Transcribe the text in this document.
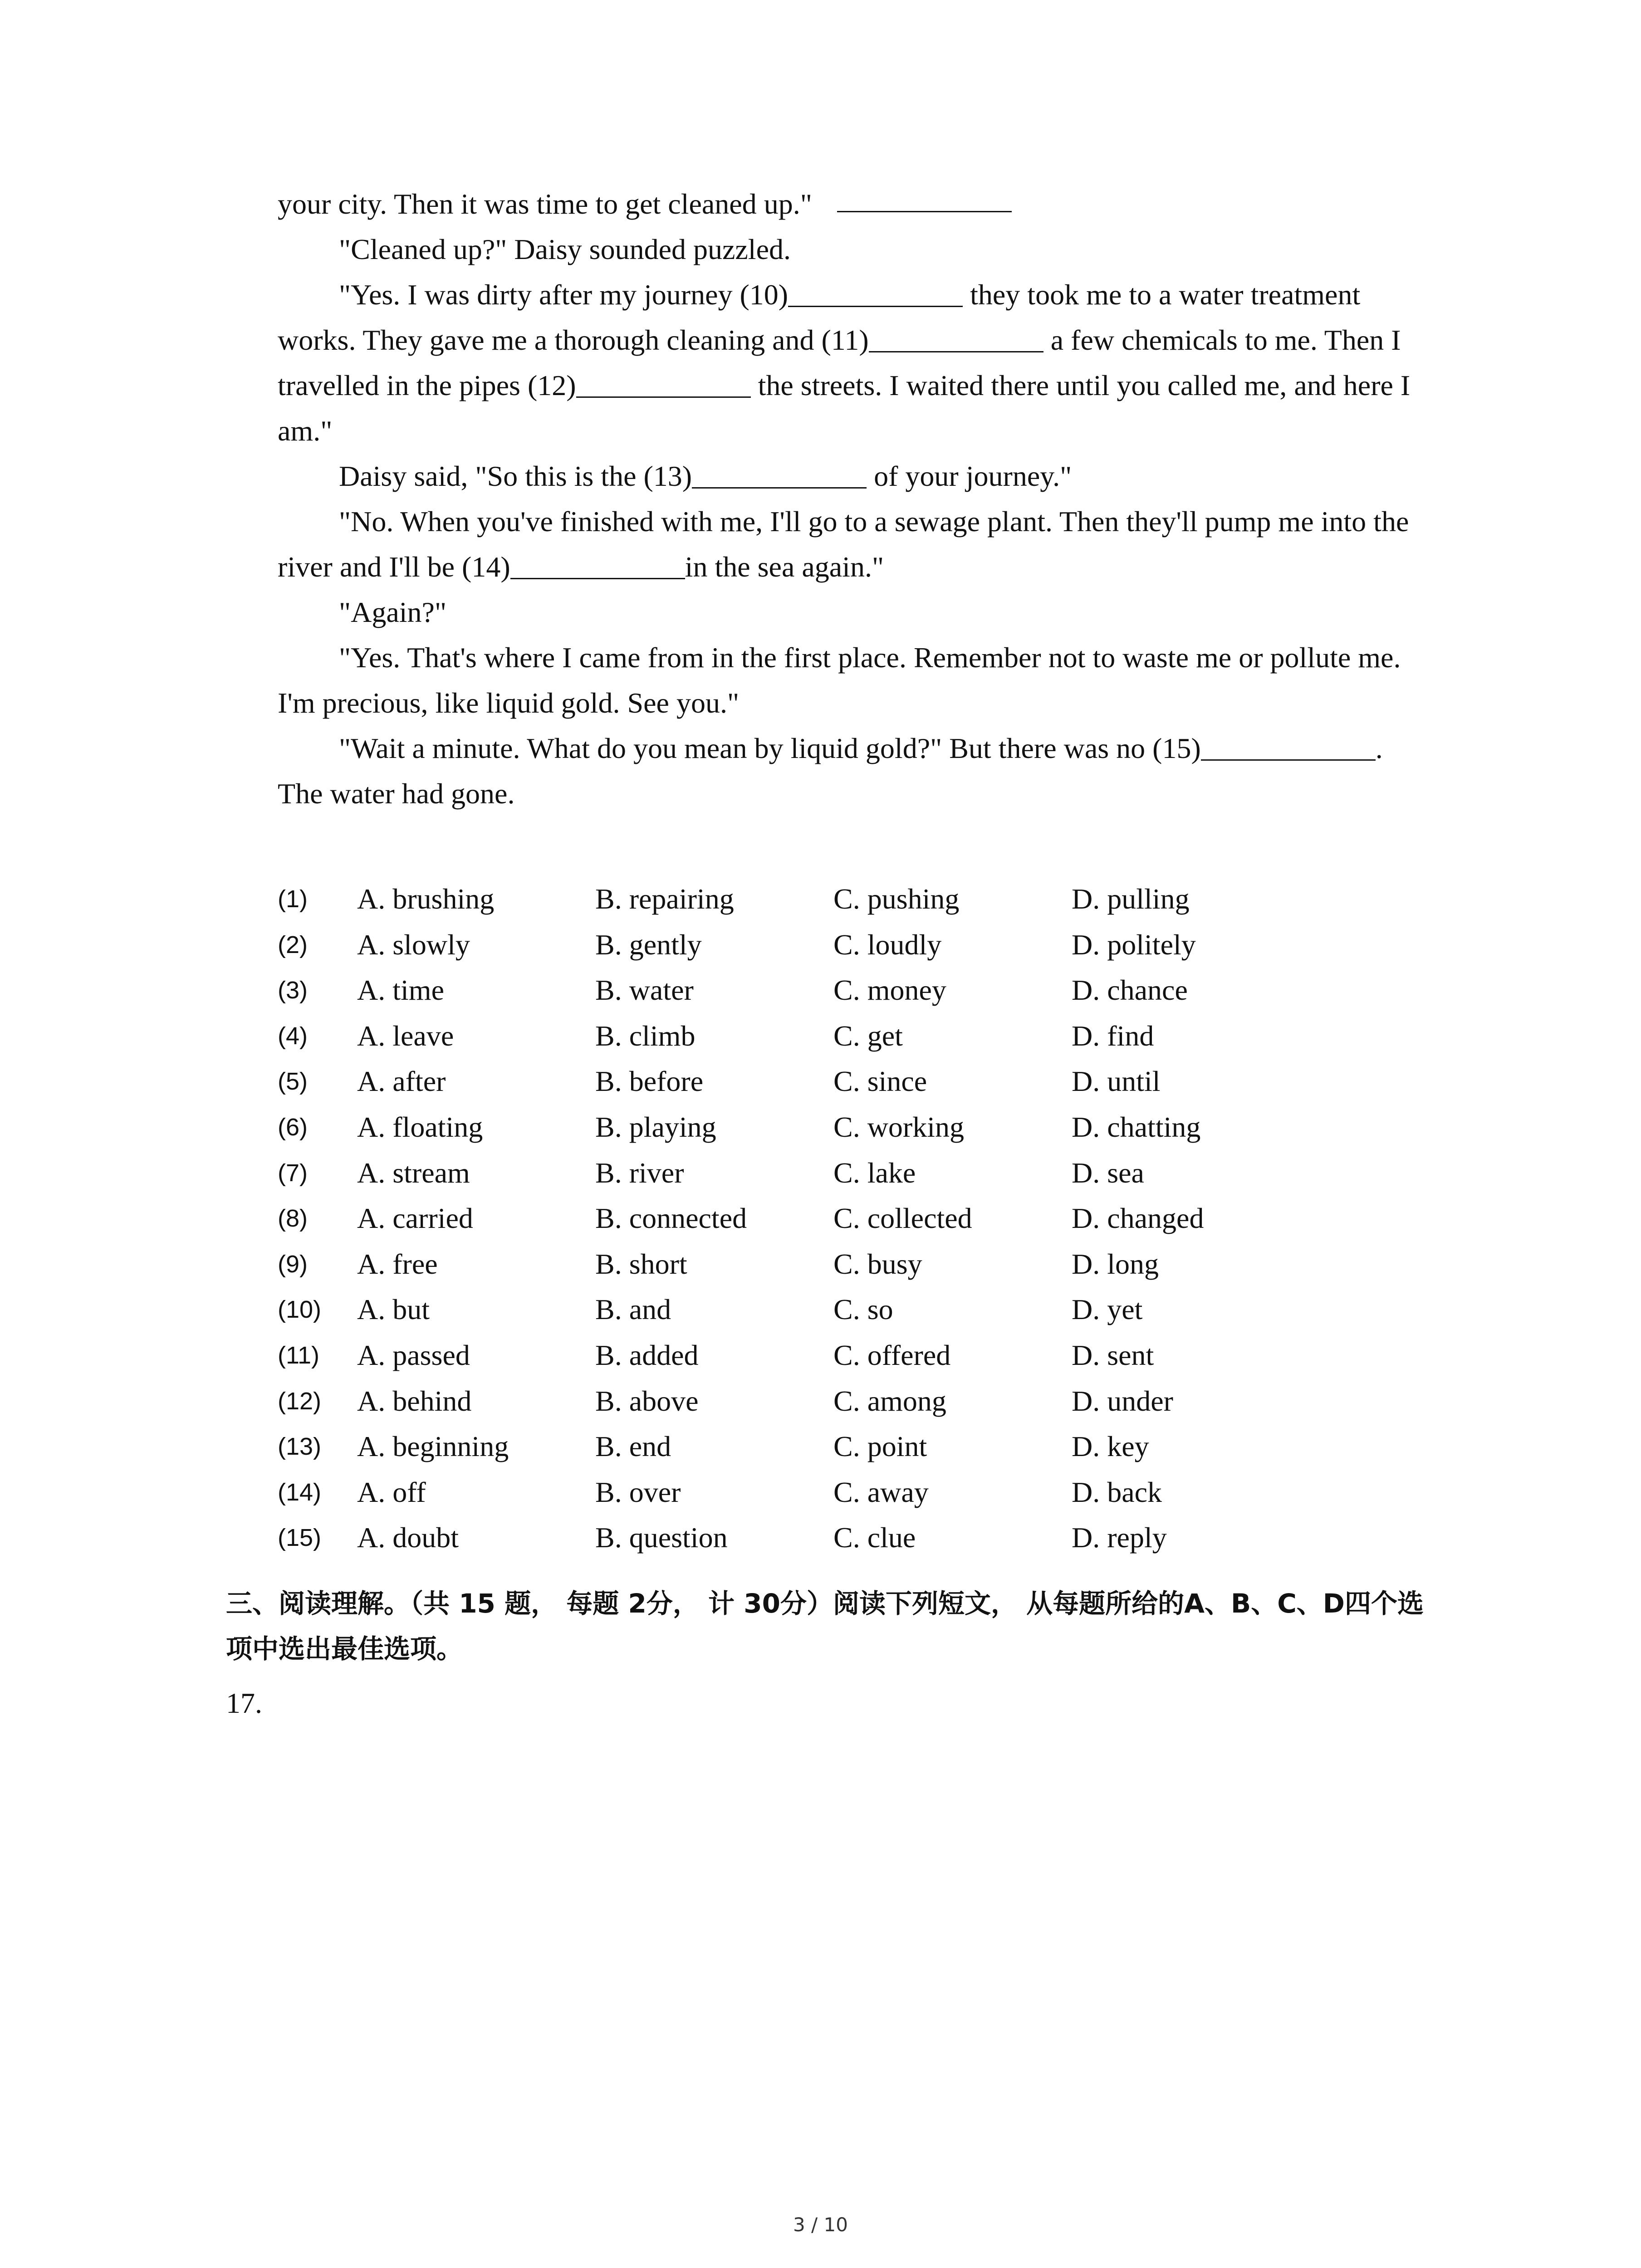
your city. Then it was time to get cleaned up."

"Cleaned up?" Daisy sounded puzzled.

"Yes. I was dirty after my journey (10)	they took me to a water treatment works. They gave me a thorough cleaning and (11)	a few chemicals to me. Then I travelled in the pipes (12)	the streets. I waited there until you called me, and here I am."

Daisy said, "So this is the (13)	of your journey."

"No. When you've finished with me, I'll go to a sewage plant. Then they'll pump me into the river and I'll be (14)	in the sea again."

"Again?"

"Yes. That's where I came from in the first place. Remember not to waste me or pollute me. I'm precious, like liquid gold. See you."

"Wait a minute. What do you mean by liquid gold?" But there was no (15)	. The water had gone.

(1) A. brushing	B. repairing	C. pushing	D. pulling
(2) A. slowly	B. gently	C. loudly	D. politely
(3) A. time	B. water	C. money	D. chance
(4) A. leave	B. climb	C. get	D. find
(5) A. after	B. before	C. since	D. until
(6) A. floating	B. playing	C. working	D. chatting
(7) A. stream	B. river	C. lake	D. sea
(8) A. carried	B. connected	C. collected	D. changed
(9) A. free	B. short	C. busy	D. long
(10) A. but	B. and	C. so	D. yet
(11) A. passed	B. added	C. offered	D. sent
(12) A. behind	B. above	C. among	D. under
(13) A. beginning	B. end	C. point	D. key
(14) A. off	B. over	C. away	D. back
(15) A. doubt	B. question	C. clue	D. reply

三、阅读理解。（共 15 题， 每题 2分， 计 30分）阅读下列短文， 从每题所给的A、B、C、D四个选项中选出最佳选项。

17.

3 / 10
